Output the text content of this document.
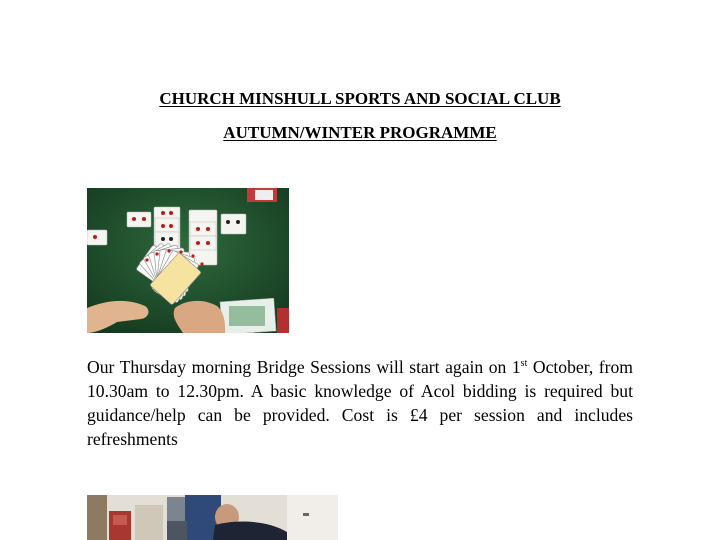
CHURCH MINSHULL SPORTS AND SOCIAL CLUB
AUTUMN/WINTER PROGRAMME
Our Thursday morning Bridge Sessions will start again on 1st October, from 10.30am to 12.30pm. A basic knowledge of Acol bidding is required but guidance/help can be provided. Cost is £4 per session and includes refreshments
